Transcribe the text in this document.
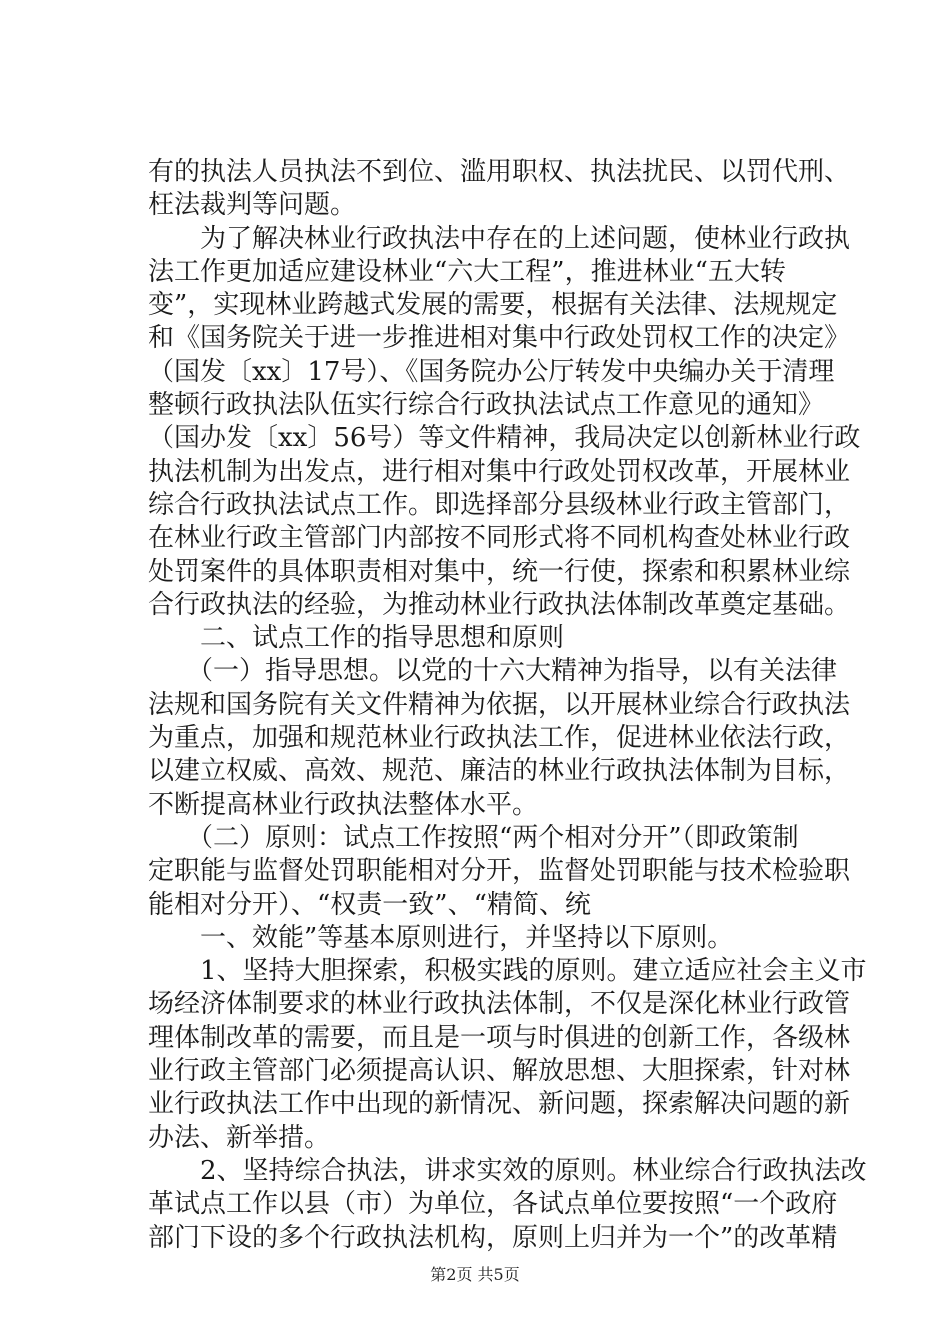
有的执法人员执法不到位、滥用职权、执法扰民、以罚代刑、
枉法裁判等问题。
　　为了解决林业行政执法中存在的上述问题，使林业行政执
法工作更加适应建设林业“六大工程”，推进林业“五大转
变”，实现林业跨越式发展的需要，根据有关法律、法规规定
和《国务院关于进一步推进相对集中行政处罚权工作的决定》
（国发〔xx〕17号）、《国务院办公厅转发中央编办关于清理
整顿行政执法队伍实行综合行政执法试点工作意见的通知》
（国办发〔xx〕56号）等文件精神，我局决定以创新林业行政
执法机制为出发点，进行相对集中行政处罚权改革，开展林业
综合行政执法试点工作。即选择部分县级林业行政主管部门，
在林业行政主管部门内部按不同形式将不同机构查处林业行政
处罚案件的具体职责相对集中，统一行使，探索和积累林业综
合行政执法的经验，为推动林业行政执法体制改革奠定基础。
　　二、试点工作的指导思想和原则
　　（一）指导思想。以党的十六大精神为指导，以有关法律
法规和国务院有关文件精神为依据，以开展林业综合行政执法
为重点，加强和规范林业行政执法工作，促进林业依法行政，
以建立权威、高效、规范、廉洁的林业行政执法体制为目标，
不断提高林业行政执法整体水平。
　　（二）原则：试点工作按照“两个相对分开”（即政策制
定职能与监督处罚职能相对分开，监督处罚职能与技术检验职
能相对分开）、“权责一致”、“精简、统
　　一、效能”等基本原则进行，并坚持以下原则。
　　1、坚持大胆探索，积极实践的原则。建立适应社会主义市
场经济体制要求的林业行政执法体制，不仅是深化林业行政管
理体制改革的需要，而且是一项与时俱进的创新工作，各级林
业行政主管部门必须提高认识、解放思想、大胆探索，针对林
业行政执法工作中出现的新情况、新问题，探索解决问题的新
办法、新举措。
　　2、坚持综合执法，讲求实效的原则。林业综合行政执法改
革试点工作以县（市）为单位，各试点单位要按照“一个政府
部门下设的多个行政执法机构，原则上归并为一个”的改革精
第2页 共5页
